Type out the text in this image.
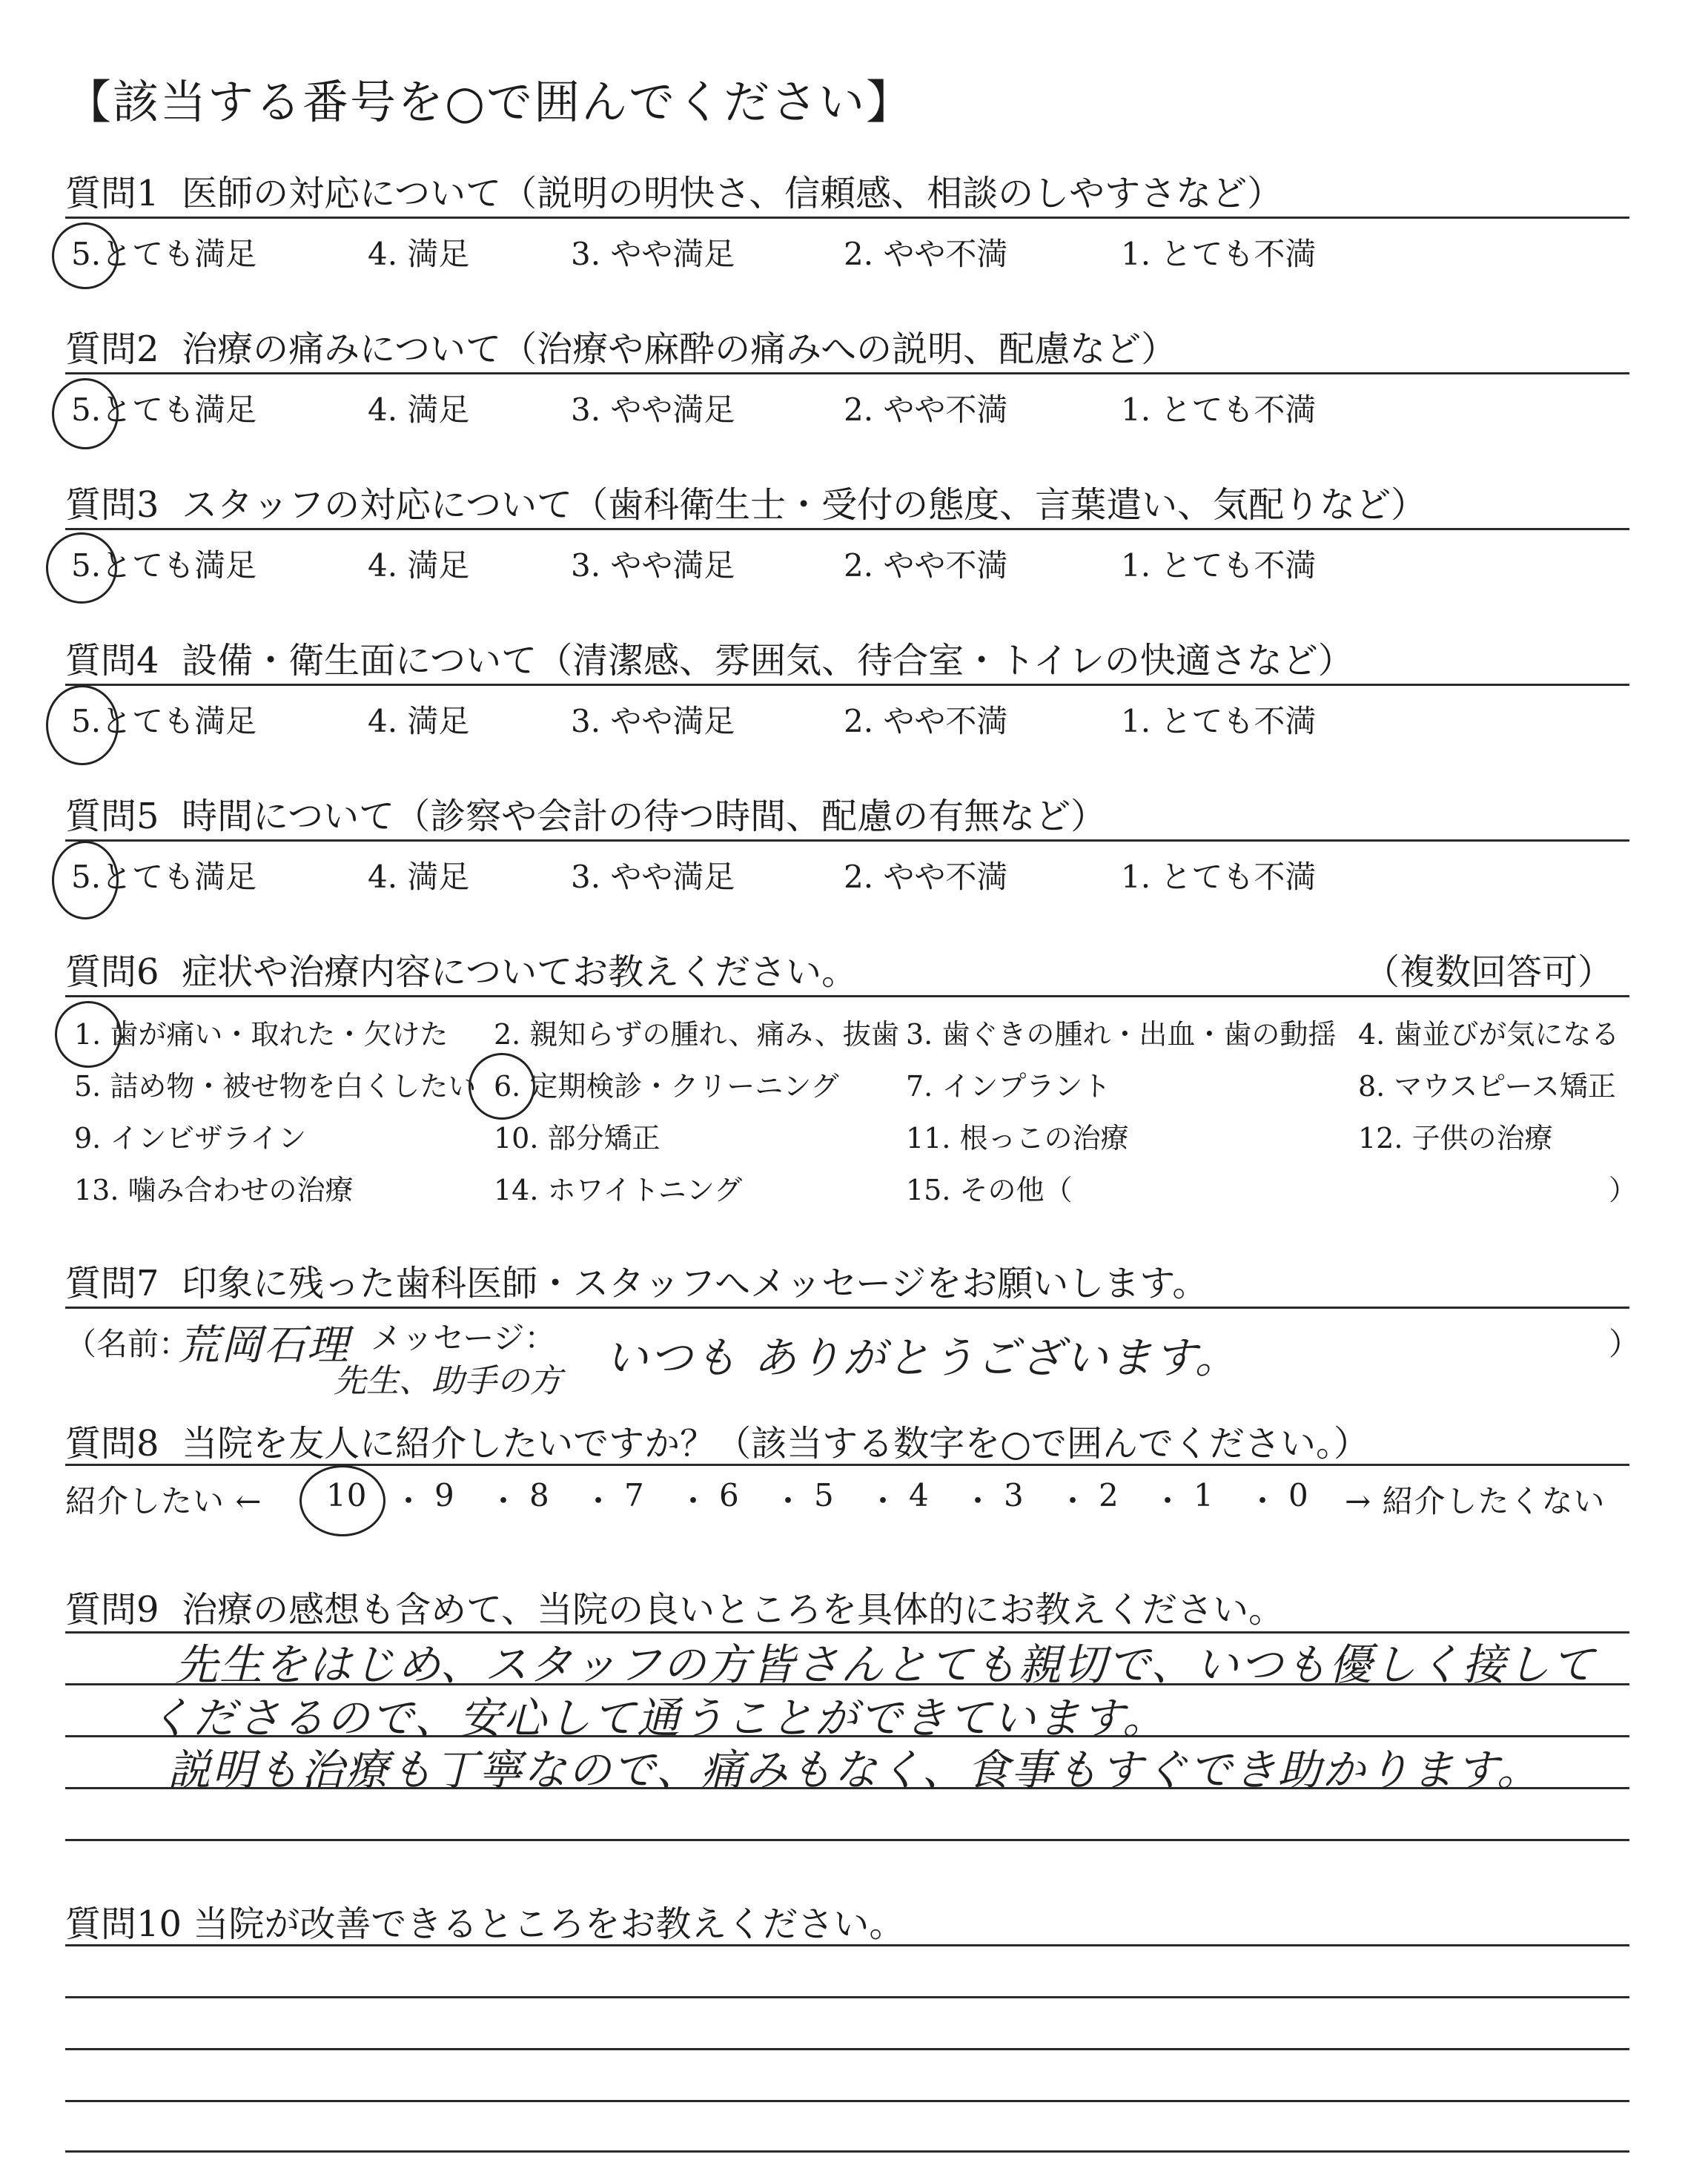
【該当する番号を○で囲んでください】
質問1 医師の対応について（説明の明快さ、信頼感、相談のしやすさなど）
5.とても満足	4. 満足	3. やや満足	2. やや不満	1. とても不満
質問2 治療の痛みについて（治療や麻酔の痛みへの説明、配慮など）
5.とても満足	4. 満足	3. やや満足	2. やや不満	1. とても不満
質問3 スタッフの対応について（歯科衛生士・受付の態度、言葉遣い、気配りなど）
5.とても満足	4. 満足	3. やや満足	2. やや不満	1. とても不満
質問4 設備・衛生面について（清潔感、雰囲気、待合室・トイレの快適さなど）
5.とても満足	4. 満足	3. やや満足	2. やや不満	1. とても不満
質問5 時間について（診察や会計の待つ時間、配慮の有無など）
5.とても満足	4. 満足	3. やや満足	2. やや不満	1. とても不満
質問6 症状や治療内容についてお教えください。	（複数回答可）
1. 歯が痛い・取れた・欠けた 2. 親知らずの腫れ、痛み、抜歯 3. 歯ぐきの腫れ・出血・歯の動揺 4. 歯並びが気になる
5. 詰め物・被せ物を白くしたい 6. 定期検診・クリーニング 7. インプラント	8. マウスピース矯正
9. インビザライン	10. 部分矯正	11. 根っこの治療	12. 子供の治療
13. 噛み合わせの治療	14. ホワイトニング	15. その他（	）
質問7 印象に残った歯科医師・スタッフへメッセージをお願いします。
（名前：
荒岡石理 メッセージ：
先生、助手の方 いつも ありがとうございます。	）
質問8 当院を友人に紹介したいですか？（該当する数字を○で囲んでください。）
紹介したい ← 10 ・ 9 ・ 8 ・ 7 ・ 6 ・ 5 ・ 4 ・ 3 ・ 2 ・ 1 ・ 0 → 紹介したくない
質問9 治療の感想も含めて、当院の良いところを具体的にお教えください。
先生をはじめ、スタッフの方皆さんとても親切で、いつも優しく接して
くださるので、安心して通うことができています。
説明も治療も丁寧なので、痛みもなく、食事もすぐでき助かります。
質問10 当院が改善できるところをお教えください。
